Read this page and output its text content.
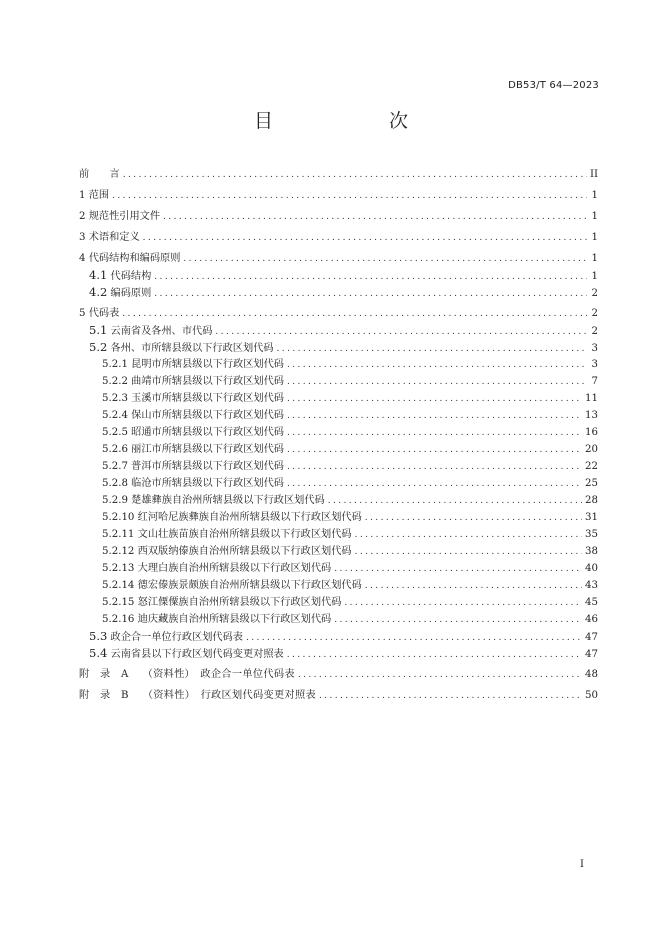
DB53/T 64—2023
目　　次
前　　言 .....	II
1 范围 .....	1
2 规范性引用文件 .....	1
3 术语和定义 .....	1
4 代码结构和编码原则 .....	1
4.1 代码结构 .....	1
4.2 编码原则 .....	2
5 代码表 .....	2
5.1 云南省及各州、市代码 .....	2
5.2 各州、市所辖县级以下行政区划代码 .....	3
5.2.1 昆明市所辖县级以下行政区划代码 .....	3
5.2.2 曲靖市所辖县级以下行政区划代码 .....	7
5.2.3 玉溪市所辖县级以下行政区划代码 .....	11
5.2.4 保山市所辖县级以下行政区划代码 .....	13
5.2.5 昭通市所辖县级以下行政区划代码 .....	16
5.2.6 丽江市所辖县级以下行政区划代码 .....	20
5.2.7 普洱市所辖县级以下行政区划代码 .....	22
5.2.8 临沧市所辖县级以下行政区划代码 .....	25
5.2.9 楚雄彝族自治州所辖县级以下行政区划代码 .....	28
5.2.10 红河哈尼族彝族自治州所辖县级以下行政区划代码 .....	31
5.2.11 文山壮族苗族自治州所辖县级以下行政区划代码 .....	35
5.2.12 西双版纳傣族自治州所辖县级以下行政区划代码 .....	38
5.2.13 大理白族自治州所辖县级以下行政区划代码 .....	40
5.2.14 德宏傣族景颇族自治州所辖县级以下行政区划代码 .....	43
5.2.15 怒江傈僳族自治州所辖县级以下行政区划代码 .....	45
5.2.16 迪庆藏族自治州所辖县级以下行政区划代码 .....	46
5.3 政企合一单位行政区划代码表 .....	47
5.4 云南省县以下行政区划代码变更对照表 .....	47
附　录　A （资料性）　政企合一单位代码表 .....	48
附　录　B （资料性）　行政区划代码变更对照表 .....	50
I
